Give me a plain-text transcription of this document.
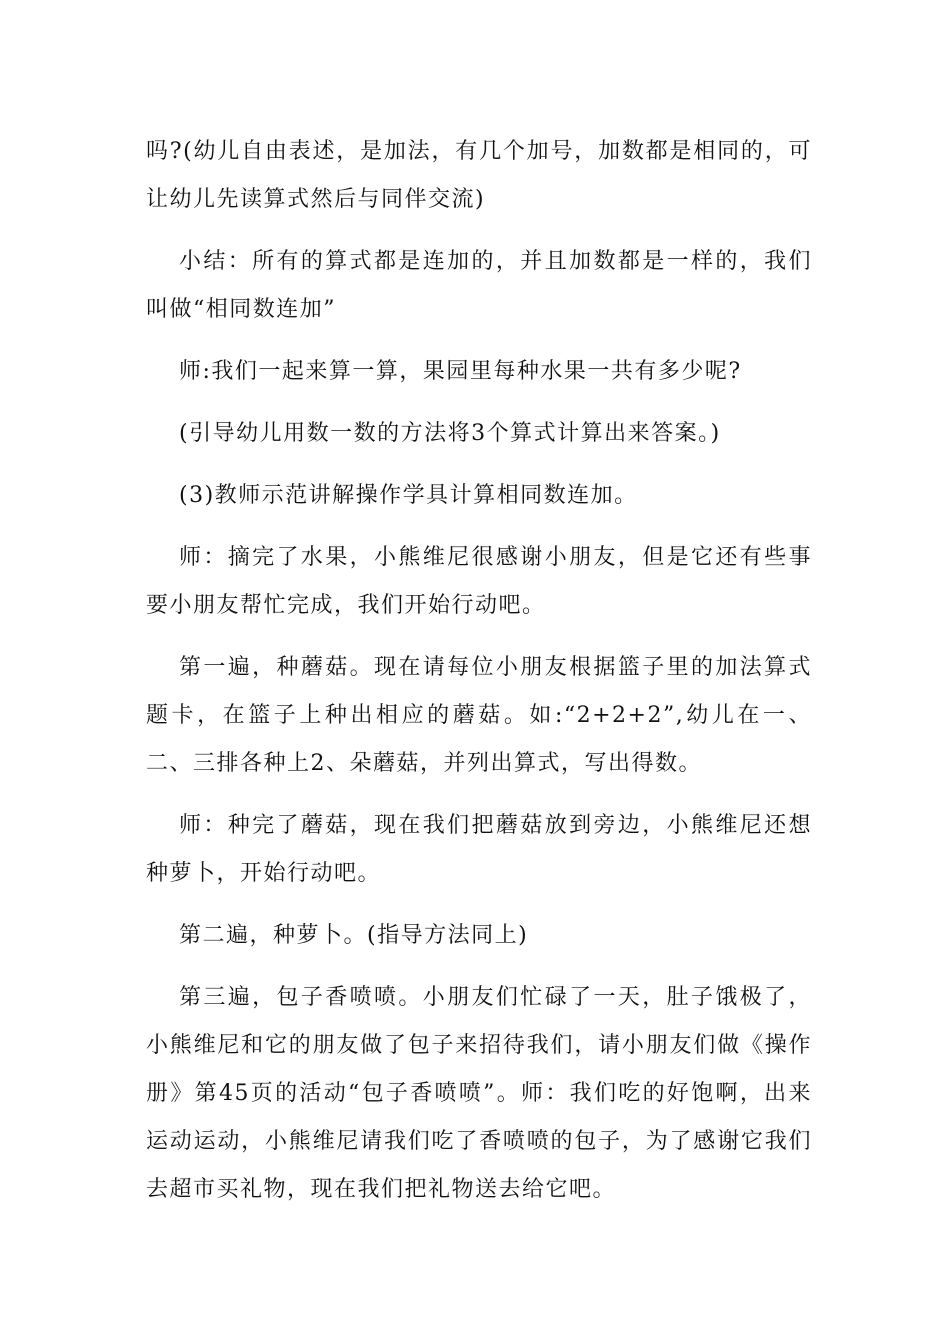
吗?(幼儿自由表述，是加法，有几个加号，加数都是相同的，可让幼儿先读算式然后与同伴交流)

小结：所有的算式都是连加的，并且加数都是一样的，我们叫做“相同数连加”

师:我们一起来算一算，果园里每种水果一共有多少呢?

(引导幼儿用数一数的方法将3个算式计算出来答案。)

(3)教师示范讲解操作学具计算相同数连加。

师：摘完了水果，小熊维尼很感谢小朋友，但是它还有些事要小朋友帮忙完成，我们开始行动吧。

第一遍，种蘑菇。现在请每位小朋友根据篮子里的加法算式题卡，在篮子上种出相应的蘑菇。如:“2+2+2”,幼儿在一、二、三排各种上2、朵蘑菇，并列出算式，写出得数。

师：种完了蘑菇，现在我们把蘑菇放到旁边，小熊维尼还想种萝卜，开始行动吧。

第二遍，种萝卜。(指导方法同上)

第三遍，包子香喷喷。小朋友们忙碌了一天，肚子饿极了，小熊维尼和它的朋友做了包子来招待我们，请小朋友们做《操作册》第45页的活动“包子香喷喷”。师：我们吃的好饱啊，出来运动运动，小熊维尼请我们吃了香喷喷的包子，为了感谢它我们去超市买礼物，现在我们把礼物送去给它吧。
